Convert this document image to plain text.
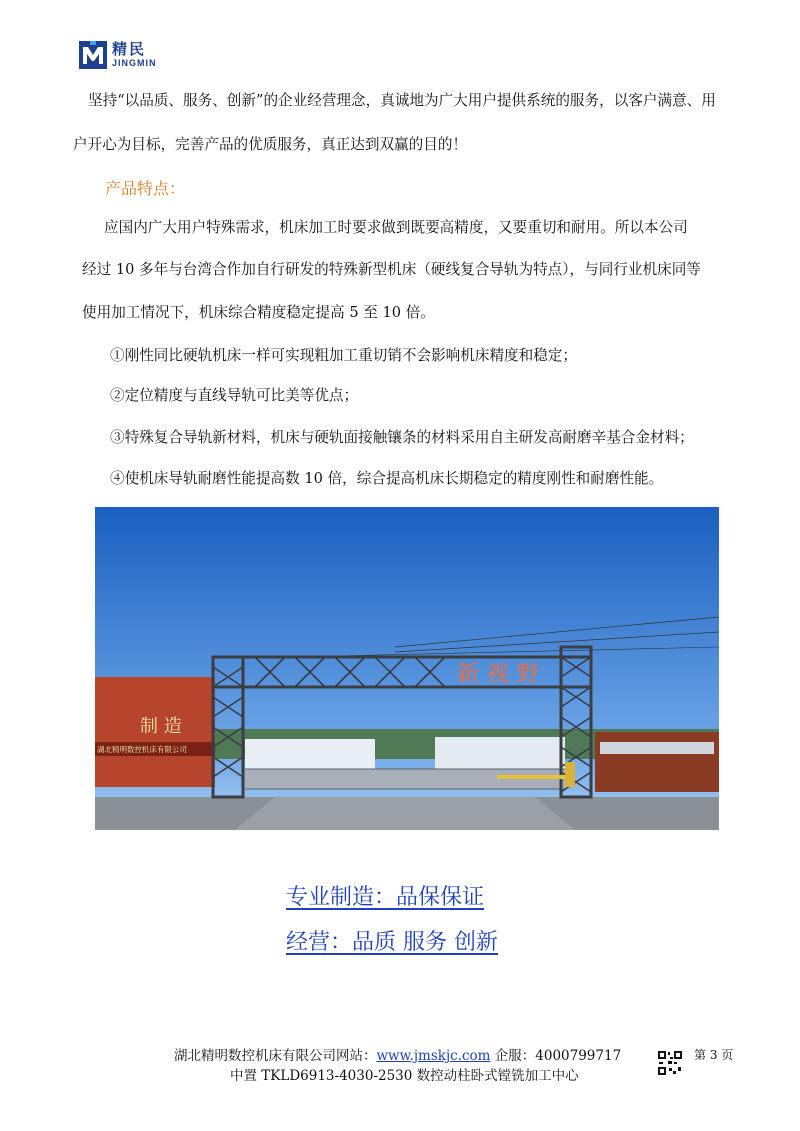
精民
JINGMIN
坚持“以品质、服务、创新”的企业经营理念，真诚地为广大用户提供系统的服务，以客户满意、用
户开心为目标，完善产品的优质服务，真正达到双赢的目的！
产品特点：
应国内广大用户特殊需求，机床加工时要求做到既要高精度，又要重切和耐用。所以本公司
经过 10 多年与台湾合作加自行研发的特殊新型机床（硬线复合导轨为特点），与同行业机床同等
使用加工情况下，机床综合精度稳定提高 5 至 10 倍。
①刚性同比硬轨机床一样可实现粗加工重切销不会影响机床精度和稳定；
②定位精度与直线导轨可比美等优点；
③特殊复合导轨新材料，机床与硬轨面接触镶条的材料采用自主研发高耐磨辛基合金材料；
④使机床导轨耐磨性能提高数 10 倍，综合提高机床长期稳定的精度刚性和耐磨性能。
制 造
湖北精明数控机床有限公司
新视野
专业制造：品保保证
经营：品质 服务 创新
湖北精明数控机床有限公司网站：www.jmskjc.com 企服：4000799717
中置 TKLD6913-4030-2530 数控动柱卧式镗铣加工中心
第 3 页
